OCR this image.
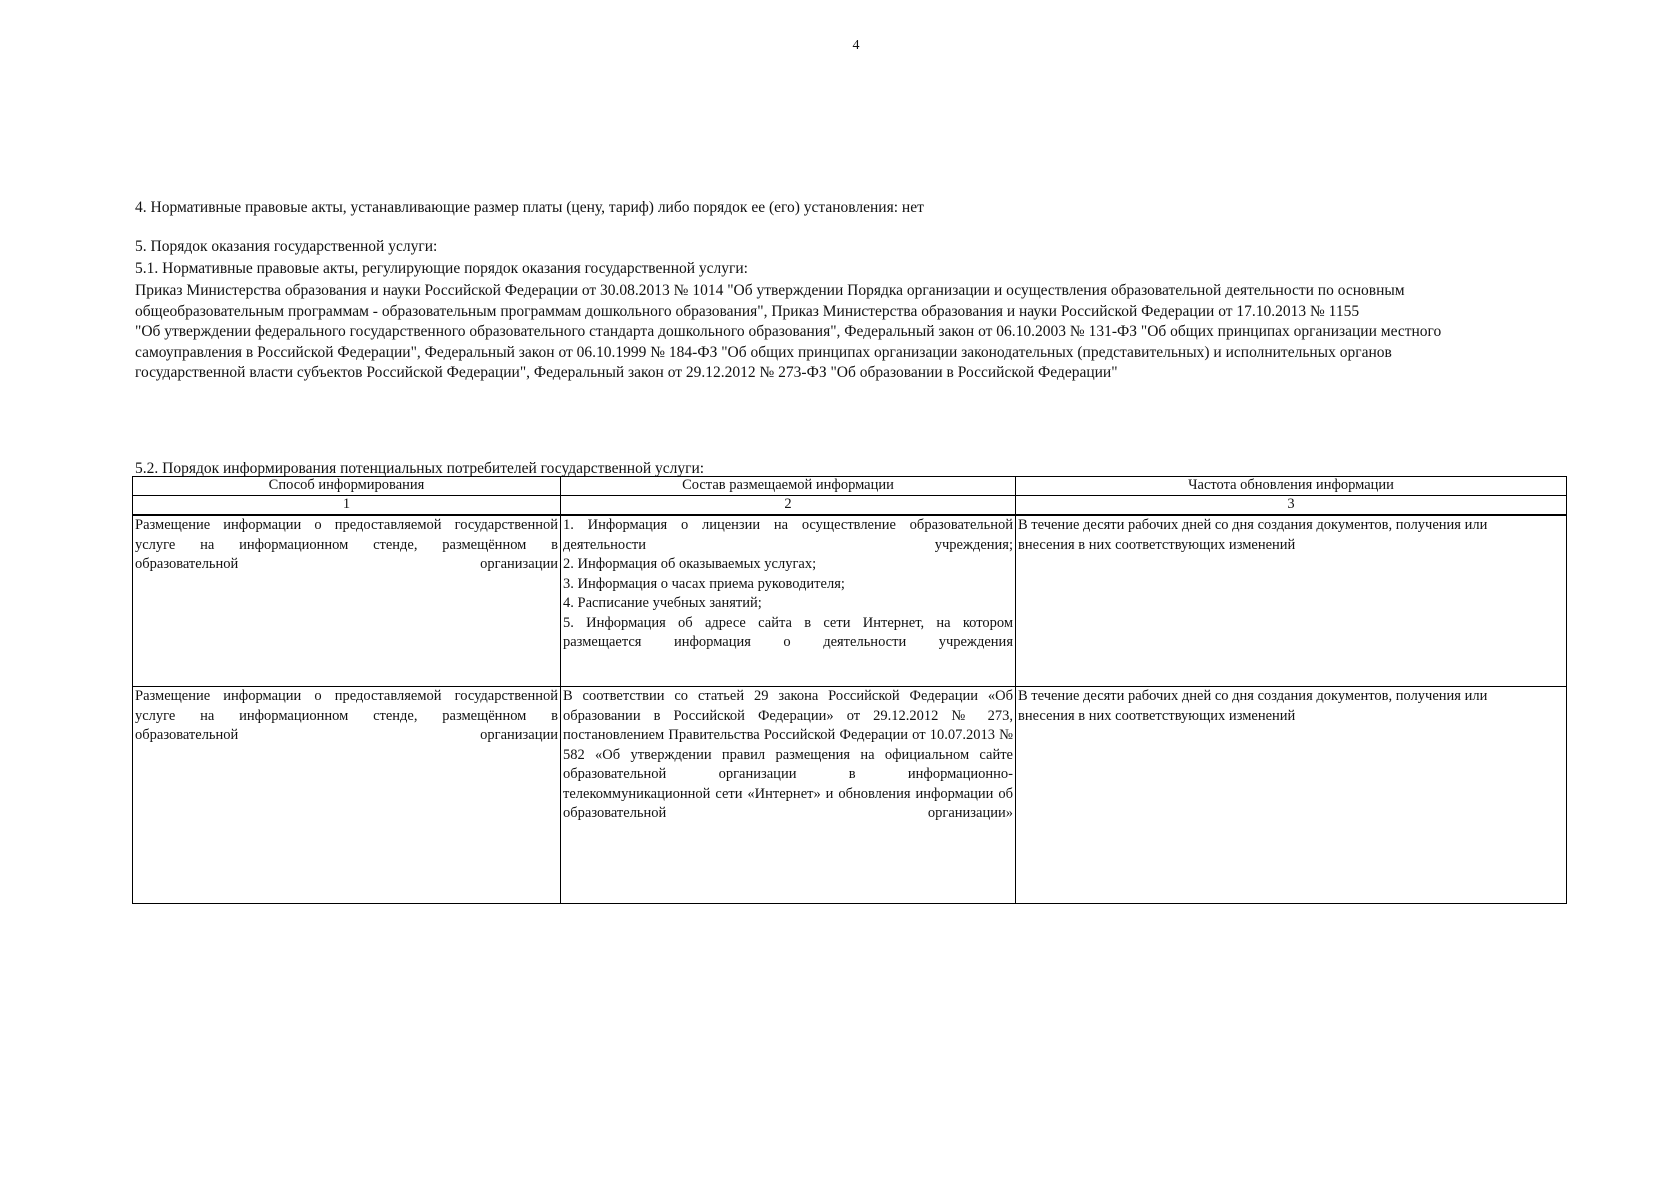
4
4. Нормативные правовые акты, устанавливающие размер платы (цену, тариф) либо порядок ее (его) установления: нет
5. Порядок оказания государственной услуги:
5.1. Нормативные правовые акты, регулирующие порядок оказания государственной услуги:
Приказ Министерства образования и науки Российской Федерации от 30.08.2013 № 1014 "Об утверждении Порядка организации и осуществления образовательной деятельности по основным
общеобразовательным программам - образовательным программам дошкольного образования", Приказ Министерства образования и науки Российской Федерации от 17.10.2013 № 1155
"Об утверждении федерального государственного образовательного стандарта дошкольного образования", Федеральный закон от 06.10.2003 № 131-ФЗ "Об общих принципах организации местного
самоуправления в Российской Федерации", Федеральный закон от 06.10.1999 № 184-ФЗ "Об общих принципах организации законодательных (представительных) и исполнительных органов
государственной власти субъектов Российской Федерации", Федеральный закон от 29.12.2012 № 273-ФЗ "Об образовании в Российской Федерации"
5.2. Порядок информирования потенциальных потребителей государственной услуги:
Способ информирования	Состав размещаемой информации	Частота обновления информации
1	2	3

Размещение информации о предоставляемой государственной услуге на информационном стенде, размещённом в образовательной организации	1. Информация о лицензии на осуществление образовательной деятельности учреждения;
2. Информация об оказываемых услугах;
3. Информация о часах приема руководителя;
4. Расписание учебных занятий;
5. Информация об адресе сайта в сети Интернет, на котором размещается информация о деятельности учреждения	В течение десяти рабочих дней со дня создания документов, получения или внесения в них соответствующих изменений

Размещение информации о предоставляемой государственной услуге на информационном стенде, размещённом в образовательной организации	В соответствии со статьей 29 закона Российской Федерации «Об образовании в Российской Федерации» от 29.12.2012 № 273, постановлением Правительства Российской Федерации от 10.07.2013 № 582 «Об утверждении правил размещения на официальном сайте образовательной организации в информационно-телекоммуникационной сети «Интернет» и обновления информации об образовательной организации»	В течение десяти рабочих дней со дня создания документов, получения или внесения в них соответствующих изменений
